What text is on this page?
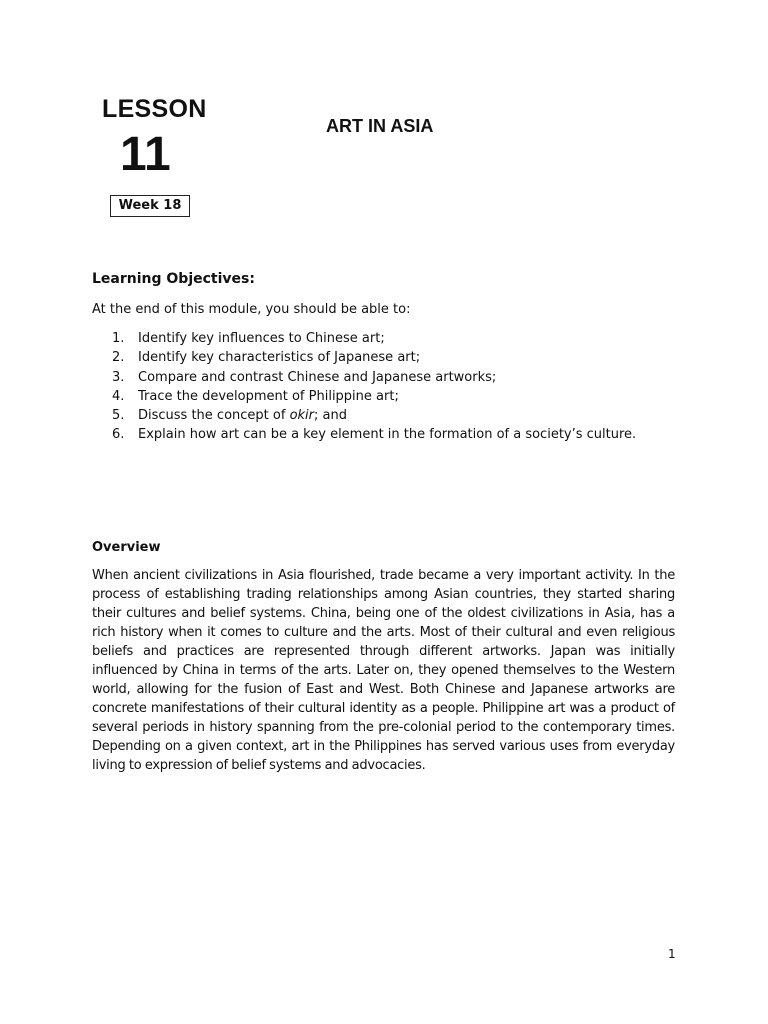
LESSON
11
Week 18
ART IN ASIA
Learning Objectives:
At the end of this module, you should be able to:
1.	Identify key influences to Chinese art;
2.	Identify key characteristics of Japanese art;
3.	Compare and contrast Chinese and Japanese artworks;
4.	Trace the development of Philippine art;
5.	Discuss the concept of okir; and
6.	Explain how art can be a key element in the formation of a society’s culture.
Overview

When ancient civilizations in Asia flourished, trade became a very important activity. In the process of establishing trading relationships among Asian countries, they started sharing their cultures and belief systems. China, being one of the oldest civilizations in Asia, has a rich history when it comes to culture and the arts. Most of their cultural and even religious beliefs and practices are represented through different artworks. Japan was initially influenced by China in terms of the arts. Later on, they opened themselves to the Western world, allowing for the fusion of East and West. Both Chinese and Japanese artworks are concrete manifestations of their cultural identity as a people. Philippine art was a product of several periods in history spanning from the pre-colonial period to the contemporary times. Depending on a given context, art in the Philippines has served various uses from everyday living to expression of belief systems and advocacies.

1
